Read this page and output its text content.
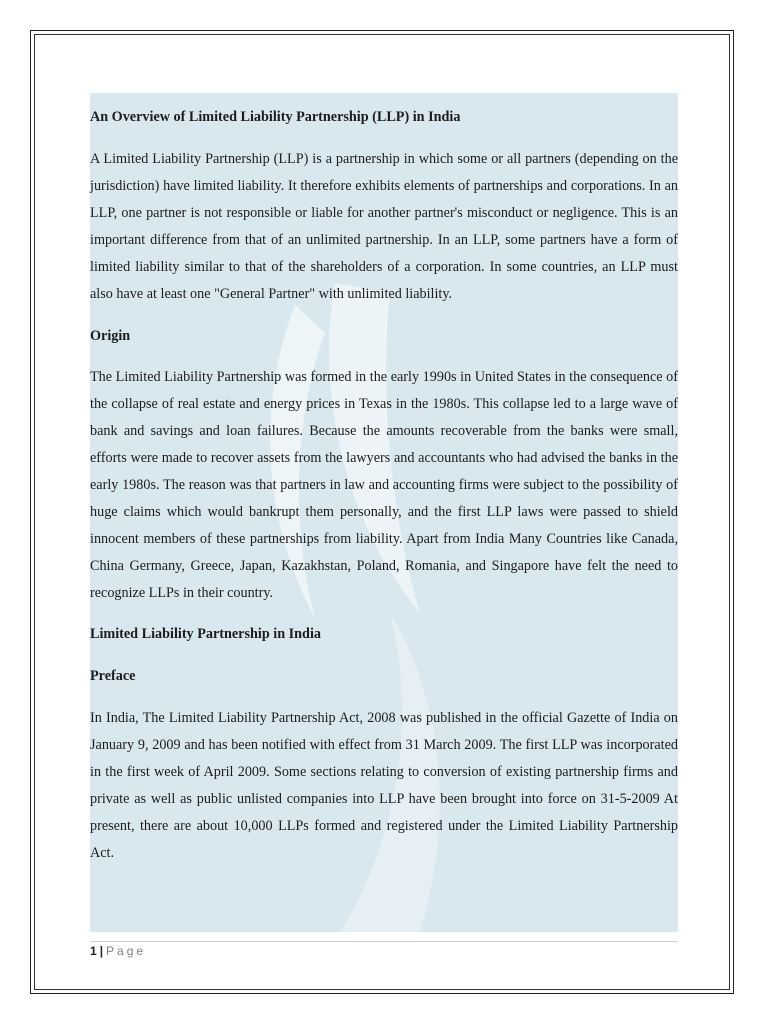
An Overview of Limited Liability Partnership (LLP) in India

A Limited Liability Partnership (LLP) is a partnership in which some or all partners (depending on the jurisdiction) have limited liability. It therefore exhibits elements of partnerships and corporations. In an LLP, one partner is not responsible or liable for another partner's misconduct or negligence. This is an important difference from that of an unlimited partnership. In an LLP, some partners have a form of limited liability similar to that of the shareholders of a corporation. In some countries, an LLP must also have at least one "General Partner" with unlimited liability.

Origin

The Limited Liability Partnership was formed in the early 1990s in United States in the consequence of the collapse of real estate and energy prices in Texas in the 1980s. This collapse led to a large wave of bank and savings and loan failures. Because the amounts recoverable from the banks were small, efforts were made to recover assets from the lawyers and accountants who had advised the banks in the early 1980s. The reason was that partners in law and accounting firms were subject to the possibility of huge claims which would bankrupt them personally, and the first LLP laws were passed to shield innocent members of these partnerships from liability. Apart from India Many Countries like Canada, China Germany, Greece, Japan, Kazakhstan, Poland, Romania, and Singapore have felt the need to recognize LLPs in their country.

Limited Liability Partnership in India
Preface

In India, The Limited Liability Partnership Act, 2008 was published in the official Gazette of India on January 9, 2009 and has been notified with effect from 31 March 2009. The first LLP was incorporated in the first week of April 2009. Some sections relating to conversion of existing partnership firms and private as well as public unlisted companies into LLP have been brought into force on 31-5-2009 At present, there are about 10,000 LLPs formed and registered under the Limited Liability Partnership Act.

1 | Page
